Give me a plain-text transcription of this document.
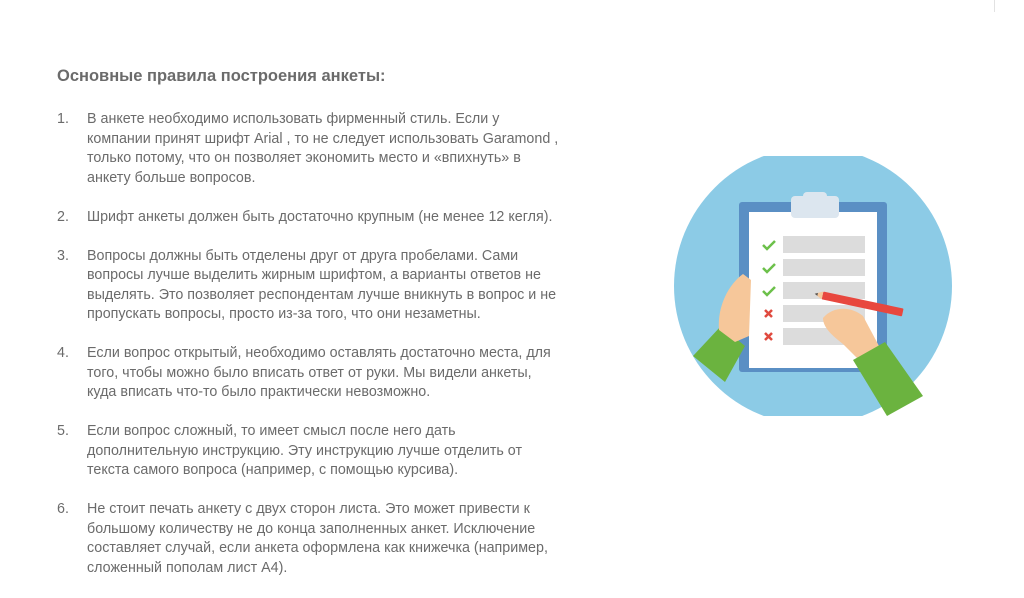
Основные правила построения анкеты:
1. В анкете необходимо использовать фирменный стиль. Если у
компании принят шрифт Arial , то не следует использовать Garamond ,
только потому, что он позволяет экономить место и «впихнуть» в
анкету больше вопросов.
2. Шрифт анкеты должен быть достаточно крупным (не менее 12 кегля).
3. Вопросы должны быть отделены друг от друга пробелами. Сами
вопросы лучше выделить жирным шрифтом, а варианты ответов не
выделять. Это позволяет респондентам лучше вникнуть в вопрос и не
пропускать вопросы, просто из-за того, что они незаметны.
4. Если вопрос открытый, необходимо оставлять достаточно места, для
того, чтобы можно было вписать ответ от руки. Мы видели анкеты,
куда вписать что-то было практически невозможно.
5. Если вопрос сложный, то имеет смысл после него дать
дополнительную инструкцию. Эту инструкцию лучше отделить от
текста самого вопроса (например, с помощью курсива).
6. Не стоит печать анкету с двух сторон листа. Это может привести к
большому количеству не до конца заполненных анкет. Исключение
составляет случай, если анкета оформлена как книжечка (например,
сложенный пополам лист А4).
